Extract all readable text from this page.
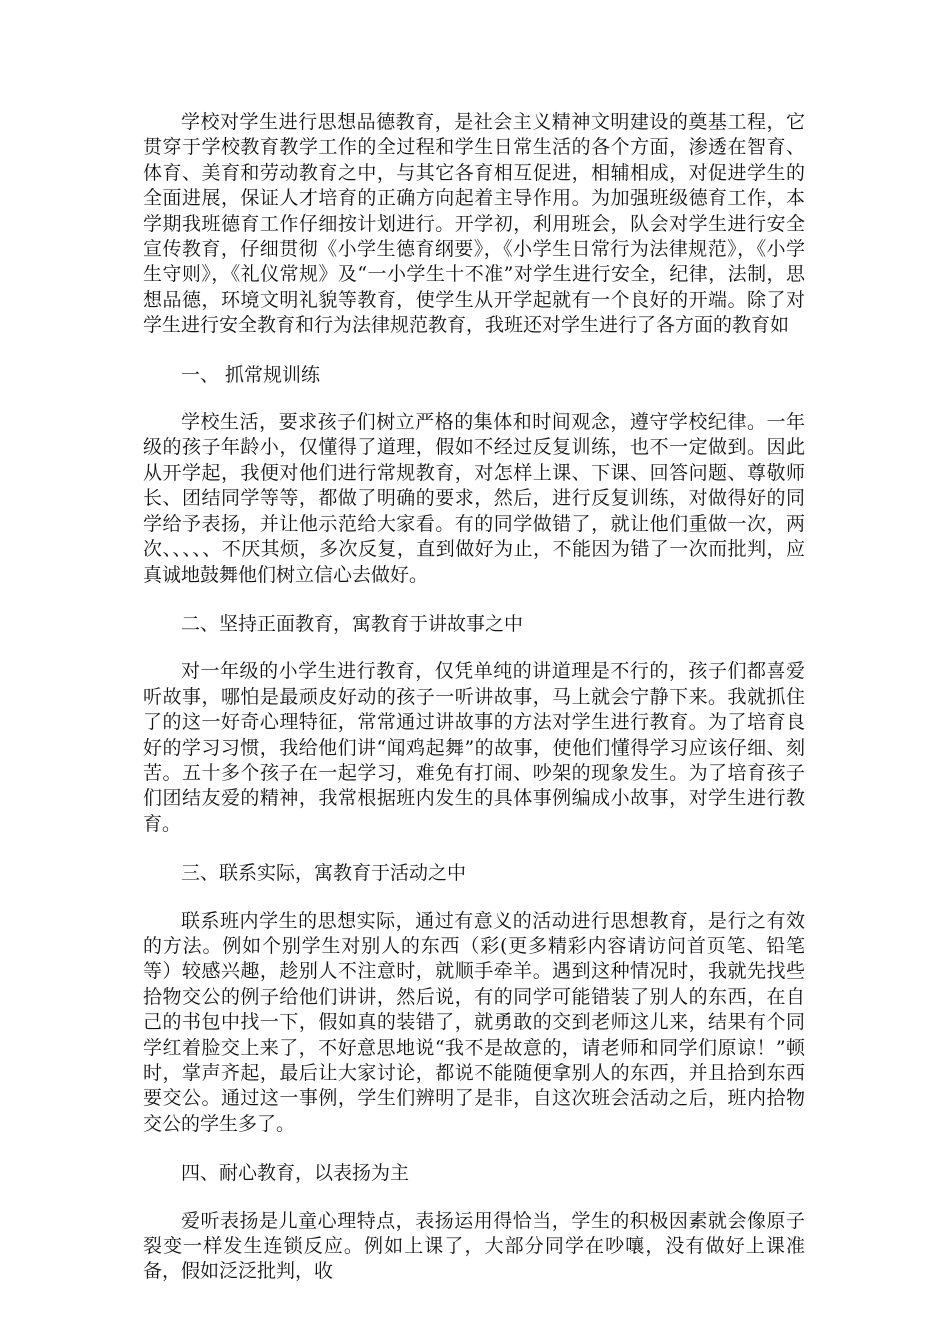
学校对学生进行思想品德教育，是社会主义精神文明建设的奠基工程，它贯穿于学校教育教学工作的全过程和学生日常生活的各个方面，渗透在智育、体育、美育和劳动教育之中，与其它各育相互促进，相辅相成，对促进学生的全面进展，保证人才培育的正确方向起着主导作用。为加强班级德育工作，本学期我班德育工作仔细按计划进行。开学初，利用班会，队会对学生进行安全宣传教育，仔细贯彻《小学生德育纲要》，《小学生日常行为法律规范》，《小学生守则》，《礼仪常规》及“一小学生十不准”对学生进行安全，纪律，法制，思想品德，环境文明礼貌等教育，使学生从开学起就有一个良好的开端。除了对学生进行安全教育和行为法律规范教育，我班还对学生进行了各方面的教育如

一、 抓常规训练

学校生活，要求孩子们树立严格的集体和时间观念，遵守学校纪律。一年级的孩子年龄小，仅懂得了道理，假如不经过反复训练，也不一定做到。因此从开学起，我便对他们进行常规教育，对怎样上课、下课、回答问题、尊敬师长、团结同学等等，都做了明确的要求，然后，进行反复训练，对做得好的同学给予表扬，并让他示范给大家看。有的同学做错了，就让他们重做一次，两次、、、、、不厌其烦，多次反复，直到做好为止，不能因为错了一次而批判，应真诚地鼓舞他们树立信心去做好。

二、坚持正面教育，寓教育于讲故事之中

对一年级的小学生进行教育，仅凭单纯的讲道理是不行的，孩子们都喜爱听故事，哪怕是最顽皮好动的孩子一听讲故事，马上就会宁静下来。我就抓住了的这一好奇心理特征，常常通过讲故事的方法对学生进行教育。为了培育良好的学习习惯，我给他们讲“闻鸡起舞”的故事，使他们懂得学习应该仔细、刻苦。五十多个孩子在一起学习，难免有打闹、吵架的现象发生。为了培育孩子们团结友爱的精神，我常根据班内发生的具体事例编成小故事，对学生进行教育。

三、联系实际，寓教育于活动之中

联系班内学生的思想实际，通过有意义的活动进行思想教育，是行之有效的方法。例如个别学生对别人的东西（彩(更多精彩内容请访问首页笔、铅笔等）较感兴趣，趁别人不注意时，就顺手牵羊。遇到这种情况时，我就先找些拾物交公的例子给他们讲讲，然后说，有的同学可能错装了别人的东西，在自己的书包中找一下，假如真的装错了，就勇敢的交到老师这儿来，结果有个同学红着脸交上来了，不好意思地说“我不是故意的，请老师和同学们原谅！”顿时，掌声齐起，最后让大家讨论，都说不能随便拿别人的东西，并且拾到东西要交公。通过这一事例，学生们辨明了是非，自这次班会活动之后，班内拾物交公的学生多了。

四、耐心教育，以表扬为主

爱听表扬是儿童心理特点，表扬运用得恰当，学生的积极因素就会像原子裂变一样发生连锁反应。例如上课了，大部分同学在吵嚷，没有做好上课准备，假如泛泛批判，收
